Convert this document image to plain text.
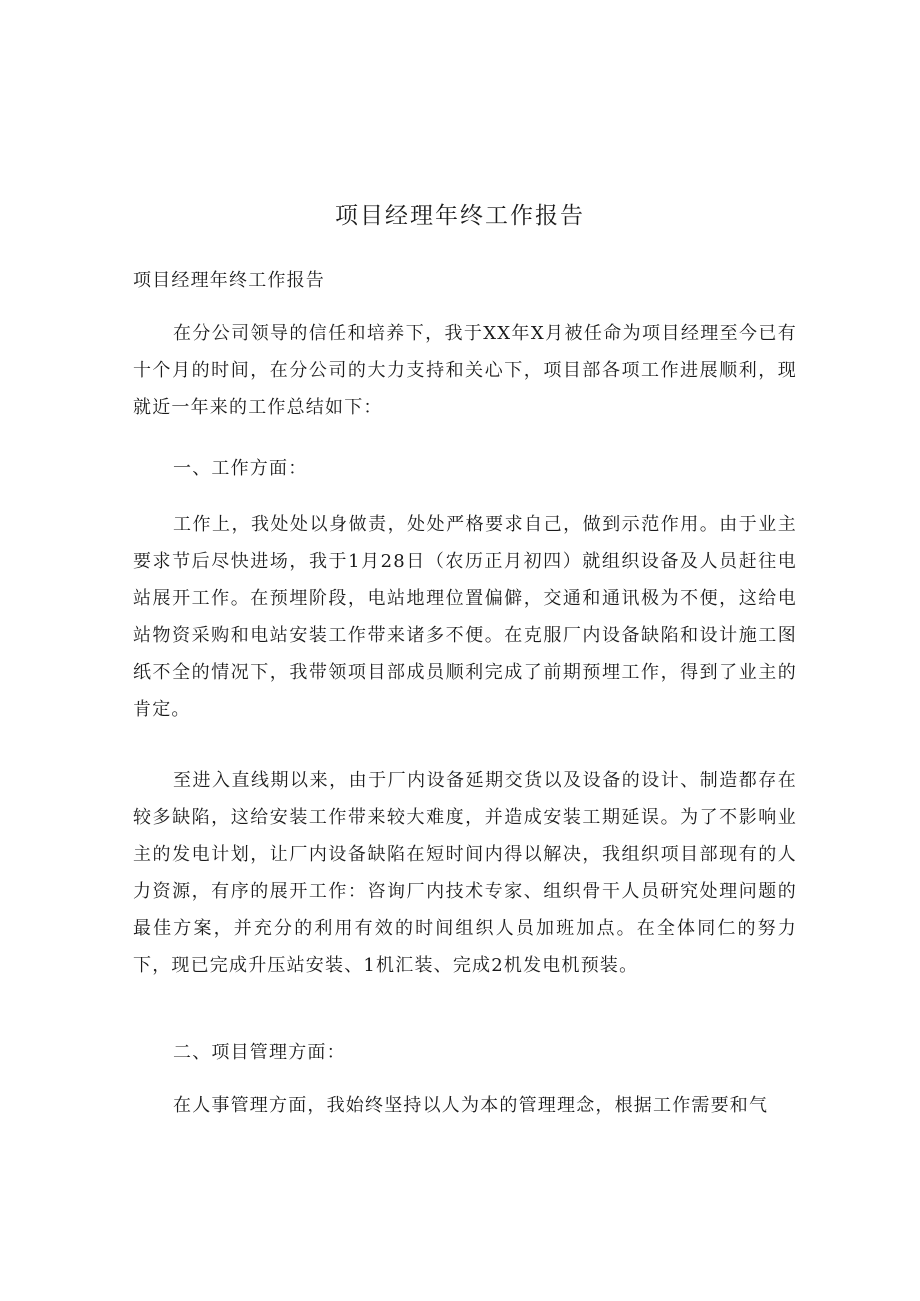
项目经理年终工作报告

项目经理年终工作报告

在分公司领导的信任和培养下，我于XX年X月被任命为项目经理至今已有十个月的时间，在分公司的大力支持和关心下，项目部各项工作进展顺利，现就近一年来的工作总结如下：

一、工作方面：

工作上，我处处以身做责，处处严格要求自己，做到示范作用。由于业主要求节后尽快进场，我于1月28日（农历正月初四）就组织设备及人员赶往电站展开工作。在预埋阶段，电站地理位置偏僻，交通和通讯极为不便，这给电站物资采购和电站安装工作带来诸多不便。在克服厂内设备缺陷和设计施工图纸不全的情况下，我带领项目部成员顺利完成了前期预埋工作，得到了业主的肯定。

至进入直线期以来，由于厂内设备延期交货以及设备的设计、制造都存在较多缺陷，这给安装工作带来较大难度，并造成安装工期延误。为了不影响业主的发电计划，让厂内设备缺陷在短时间内得以解决，我组织项目部现有的人力资源，有序的展开工作：咨询厂内技术专家、组织骨干人员研究处理问题的最佳方案，并充分的利用有效的时间组织人员加班加点。在全体同仁的努力下，现已完成升压站安装、1机汇装、完成2机发电机预装。

二、项目管理方面：

在人事管理方面，我始终坚持以人为本的管理理念，根据工作需要和气
